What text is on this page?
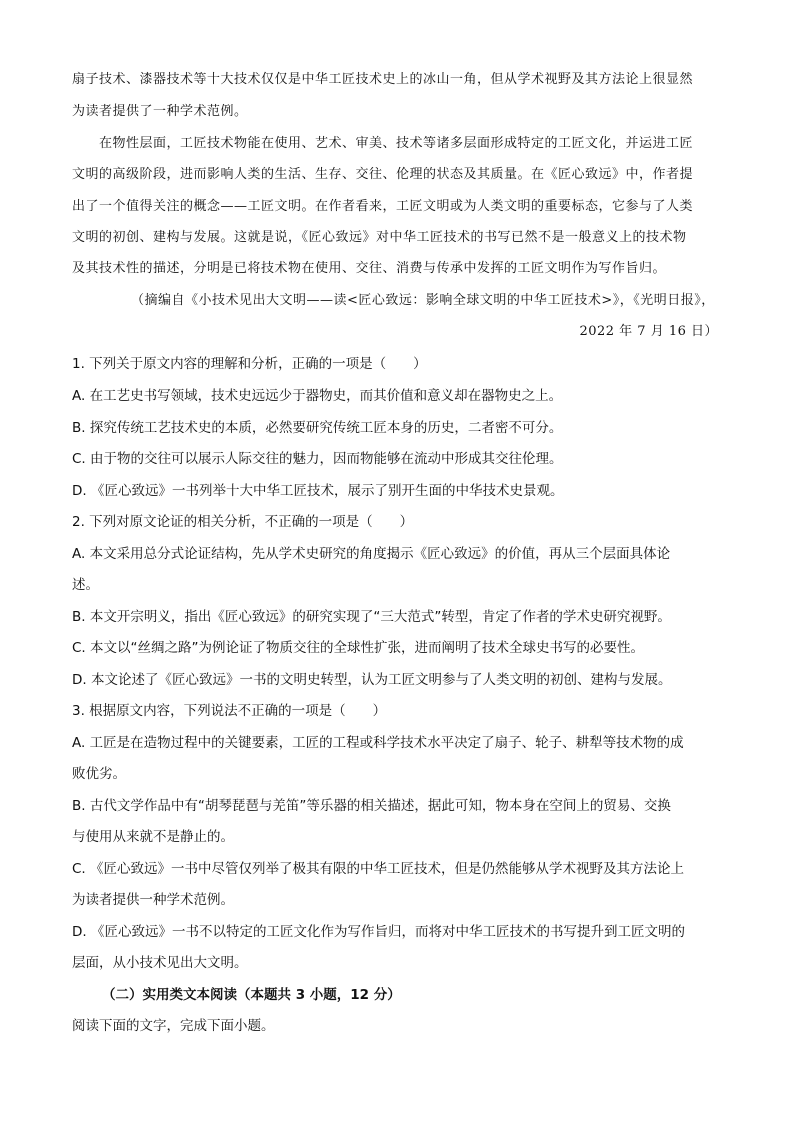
扇子技术、漆器技术等十大技术仅仅是中华工匠技术史上的冰山一角，但从学术视野及其方法论上很显然
为读者提供了一种学术范例。
在物性层面，工匠技术物能在使用、艺术、审美、技术等诸多层面形成特定的工匠文化，并运进工匠
文明的高级阶段，进而影响人类的生活、生存、交往、伦理的状态及其质量。在《匠心致远》中，作者提
出了一个值得关注的概念——工匠文明。在作者看来，工匠文明或为人类文明的重要标态，它参与了人类
文明的初创、建构与发展。这就是说，《匠心致远》对中华工匠技术的书写已然不是一般意义上的技术物
及其技术性的描述，分明是已将技术物在使用、交往、消费与传承中发挥的工匠文明作为写作旨归。
（摘编自《小技术见出大文明——读<匠心致远：影响全球文明的中华工匠技术>》，《光明日报》，
2022 年 7 月 16 日）
1. 下列关于原文内容的理解和分析，正确的一项是（　　）
A. 在工艺史书写领域，技术史远远少于器物史，而其价值和意义却在器物史之上。
B. 探究传统工艺技术史的本质，必然要研究传统工匠本身的历史，二者密不可分。
C. 由于物的交往可以展示人际交往的魅力，因而物能够在流动中形成其交往伦理。
D. 《匠心致远》一书列举十大中华工匠技术，展示了别开生面的中华技术史景观。
2. 下列对原文论证的相关分析，不正确的一项是（　　）
A. 本文采用总分式论证结构，先从学术史研究的角度揭示《匠心致远》的价值，再从三个层面具体论
述。
B. 本文开宗明义，指出《匠心致远》的研究实现了“三大范式”转型，肯定了作者的学术史研究视野。
C. 本文以“丝绸之路”为例论证了物质交往的全球性扩张，进而阐明了技术全球史书写的必要性。
D. 本文论述了《匠心致远》一书的文明史转型，认为工匠文明参与了人类文明的初创、建构与发展。
3. 根据原文内容，下列说法不正确的一项是（　　）
A. 工匠是在造物过程中的关键要素，工匠的工程或科学技术水平决定了扇子、轮子、耕犁等技术物的成
败优劣。
B. 古代文学作品中有“胡琴琵琶与羌笛”等乐器的相关描述，据此可知，物本身在空间上的贸易、交换
与使用从来就不是静止的。
C. 《匠心致远》一书中尽管仅列举了极其有限的中华工匠技术，但是仍然能够从学术视野及其方法论上
为读者提供一种学术范例。
D. 《匠心致远》一书不以特定的工匠文化作为写作旨归，而将对中华工匠技术的书写提升到工匠文明的
层面，从小技术见出大文明。
（二）实用类文本阅读（本题共 3 小题，12 分）
阅读下面的文字，完成下面小题。
